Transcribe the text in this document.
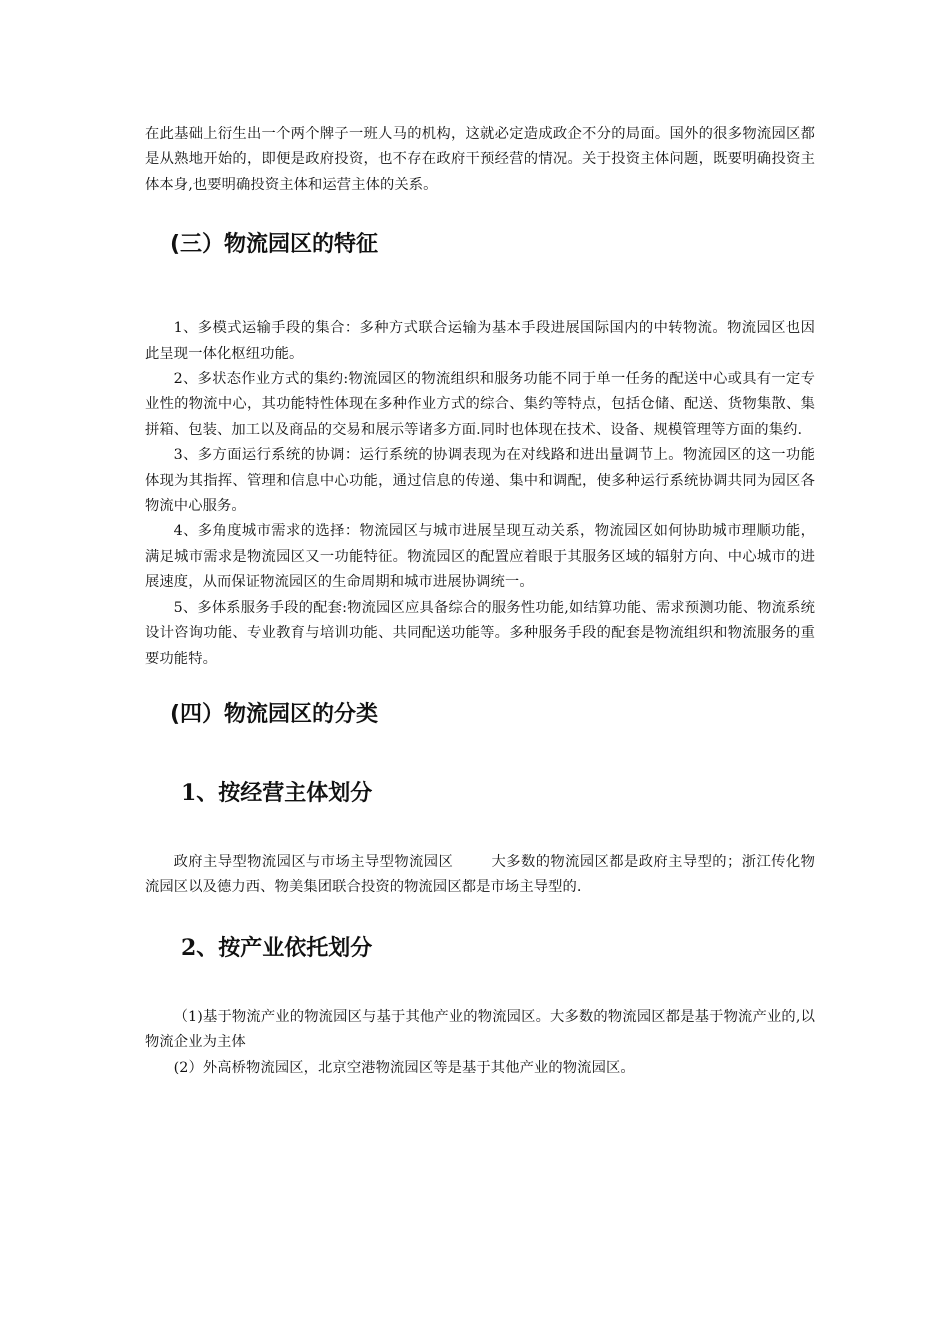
在此基础上衍生出一个两个牌子一班人马的机构，这就必定造成政企不分的局面。国外的很多物流园区都是从熟地开始的，即便是政府投资，也不存在政府干预经营的情况。关于投资主体问题，既要明确投资主体本身,也要明确投资主体和运营主体的关系。

(三）物流园区的特征

1、多模式运输手段的集合：多种方式联合运输为基本手段进展国际国内的中转物流。物流园区也因此呈现一体化枢纽功能。

2、多状态作业方式的集约:物流园区的物流组织和服务功能不同于单一任务的配送中心或具有一定专业性的物流中心，其功能特性体现在多种作业方式的综合、集约等特点，包括仓储、配送、货物集散、集拼箱、包装、加工以及商品的交易和展示等诸多方面.同时也体现在技术、设备、规模管理等方面的集约.

3、多方面运行系统的协调：运行系统的协调表现为在对线路和进出量调节上。物流园区的这一功能体现为其指挥、管理和信息中心功能，通过信息的传递、集中和调配，使多种运行系统协调共同为园区各物流中心服务。

4、多角度城市需求的选择：物流园区与城市进展呈现互动关系，物流园区如何协助城市理顺功能，满足城市需求是物流园区又一功能特征。物流园区的配置应着眼于其服务区域的辐射方向、中心城市的进展速度，从而保证物流园区的生命周期和城市进展协调统一。

5、多体系服务手段的配套:物流园区应具备综合的服务性功能,如结算功能、需求预测功能、物流系统设计咨询功能、专业教育与培训功能、共同配送功能等。多种服务手段的配套是物流组织和物流服务的重要功能特。

(四）物流园区的分类
1、按经营主体划分

政府主导型物流园区与市场主导型物流园区	大多数的物流园区都是政府主导型的；浙江传化物流园区以及德力西、物美集团联合投资的物流园区都是市场主导型的.

2、按产业依托划分

（1)基于物流产业的物流园区与基于其他产业的物流园区。大多数的物流园区都是基于物流产业的,以物流企业为主体

(2）外高桥物流园区，北京空港物流园区等是基于其他产业的物流园区。
